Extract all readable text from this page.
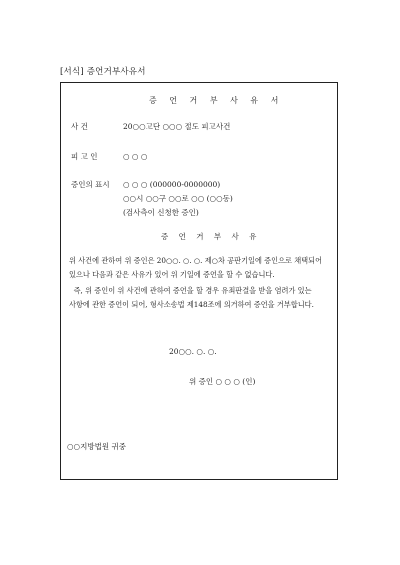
[서식] 증언거부사유서
증 언 거 부 사 유 서
사 건	20○○고단 ○○○ 절도 피고사건
피 고 인	○ ○ ○
증인의 표시 ○ ○ ○ (000000-0000000)
○○시 ○○구 ○○로 ○○ (○○동)
(검사측이 신청한 증인)
증 언 거 부 사 유
위 사건에 관하여 위 증인은 20○○. ○. ○. 제○차 공판기일에 증인으로 채택되어
있으나 다음과 같은 사유가 있어 위 기일에 증언을 할 수 없습니다.
즉, 위 증인이 위 사건에 관하여 증언을 할 경우 유죄판결을 받을 염려가 있는
사항에 관한 증언이 되어, 형사소송법 제148조에 의거하여 증언을 거부합니다.
20○○. ○. ○.
위 증인 ○ ○ ○ (인)
○○지방법원 귀중
